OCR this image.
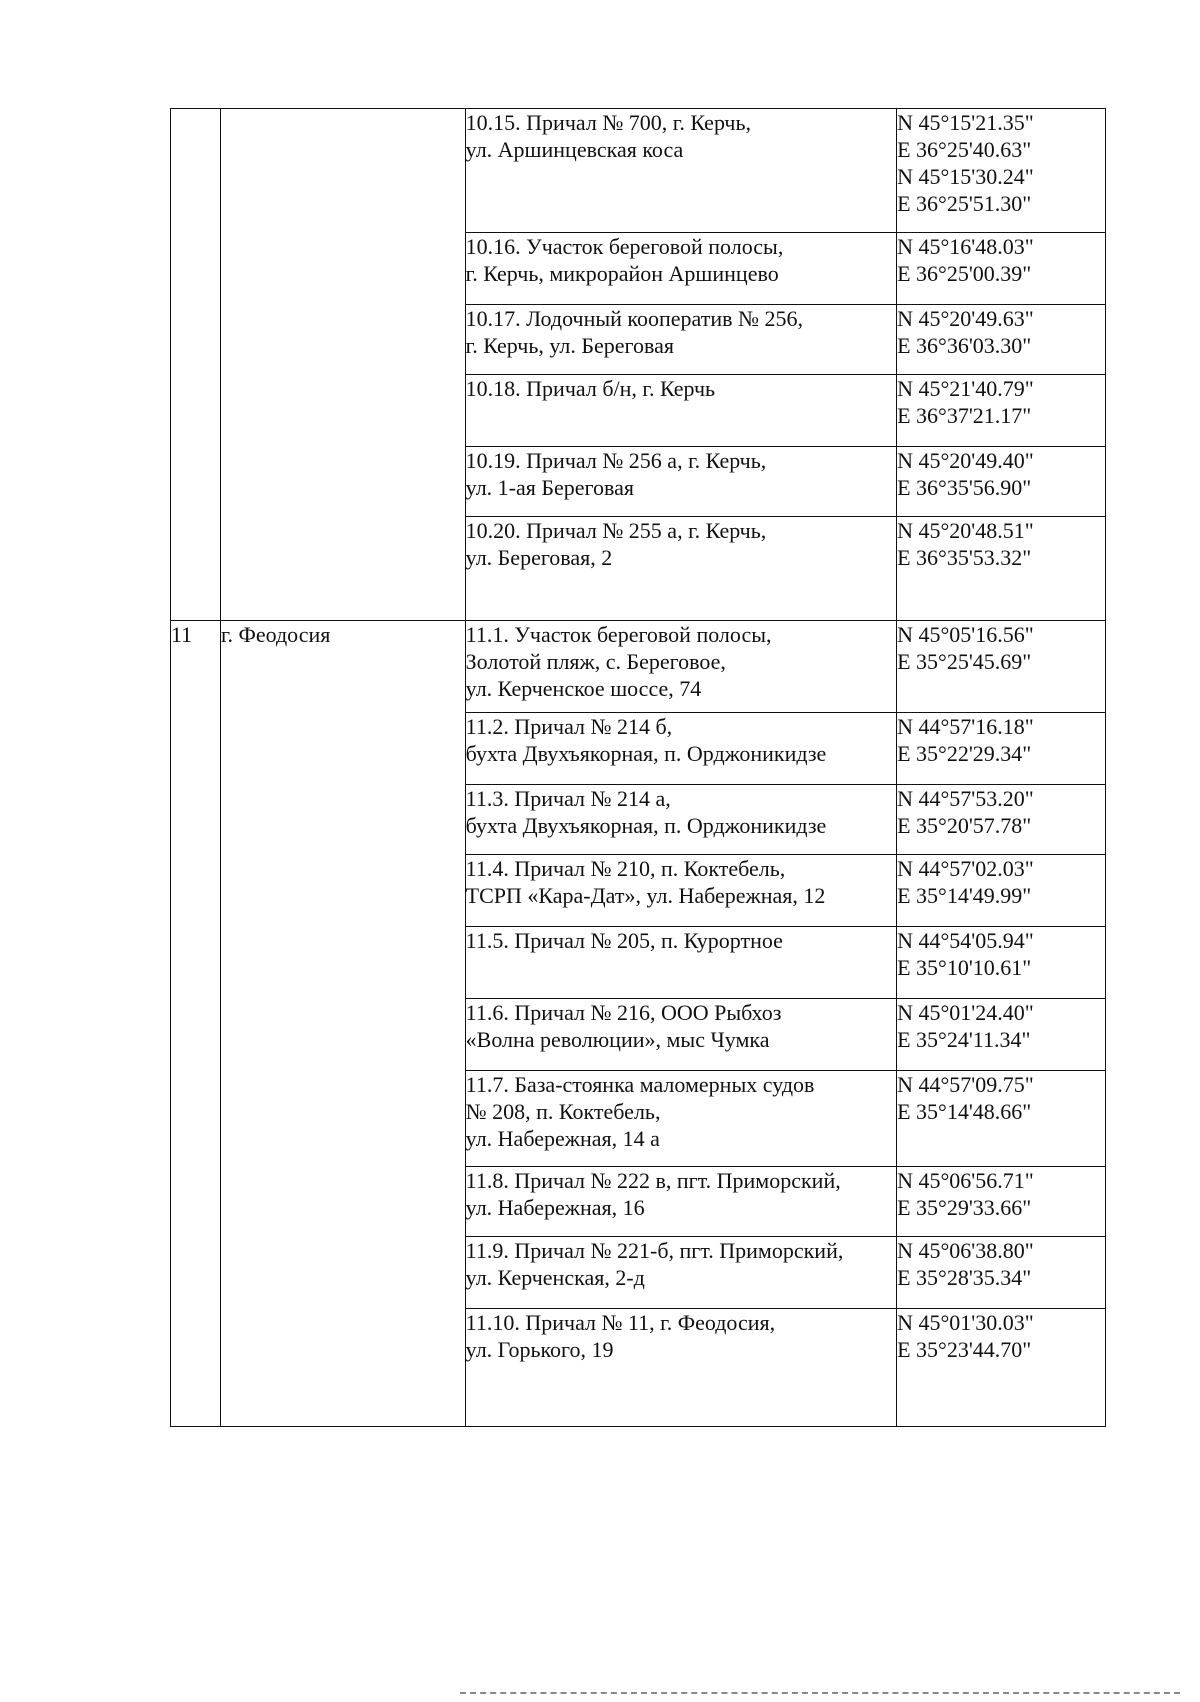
		10.15. Причал № 700, г. Керчь,
ул. Аршинцевская коса	N 45°15'21.35"
E 36°25'40.63"
N 45°15'30.24"
E 36°25'51.30"

		10.16. Участок береговой полосы,
г. Керчь, микрорайон Аршинцево	N 45°16'48.03"
E 36°25'00.39"

		10.17. Лодочный кооператив № 256,
г. Керчь, ул. Береговая	N 45°20'49.63"
E 36°36'03.30"

		10.18. Причал б/н, г. Керчь	N 45°21'40.79"
E 36°37'21.17"

		10.19. Причал № 256 а, г. Керчь,
ул. 1-ая Береговая	N 45°20'49.40"
E 36°35'56.90"

		10.20. Причал № 255 а, г. Керчь,
ул. Береговая, 2	N 45°20'48.51"
E 36°35'53.32"

11	г. Феодосия	11.1. Участок береговой полосы,
Золотой пляж, с. Береговое,
ул. Керченское шоссе, 74	N 45°05'16.56"
E 35°25'45.69"

		11.2. Причал № 214 б,
бухта Двухъякорная, п. Орджоникидзе	N 44°57'16.18"
E 35°22'29.34"

		11.3. Причал № 214 а,
бухта Двухъякорная, п. Орджоникидзе	N 44°57'53.20"
E 35°20'57.78"

		11.4. Причал № 210, п. Коктебель,
ТСРП «Кара-Дат», ул. Набережная, 12	N 44°57'02.03"
E 35°14'49.99"

		11.5. Причал № 205, п. Курортное	N 44°54'05.94"
E 35°10'10.61"

		11.6. Причал № 216, ООО Рыбхоз
«Волна революции», мыс Чумка	N 45°01'24.40"
E 35°24'11.34"

		11.7. База-стоянка маломерных судов
№ 208, п. Коктебель,
ул. Набережная, 14 а	N 44°57'09.75"
E 35°14'48.66"

		11.8. Причал № 222 в, пгт. Приморский,
ул. Набережная, 16	N 45°06'56.71"
E 35°29'33.66"

		11.9. Причал № 221-б, пгт. Приморский,
ул. Керченская, 2-д	N 45°06'38.80"
E 35°28'35.34"

		11.10. Причал № 11, г. Феодосия,
ул. Горького, 19	N 45°01'30.03"
E 35°23'44.70"
